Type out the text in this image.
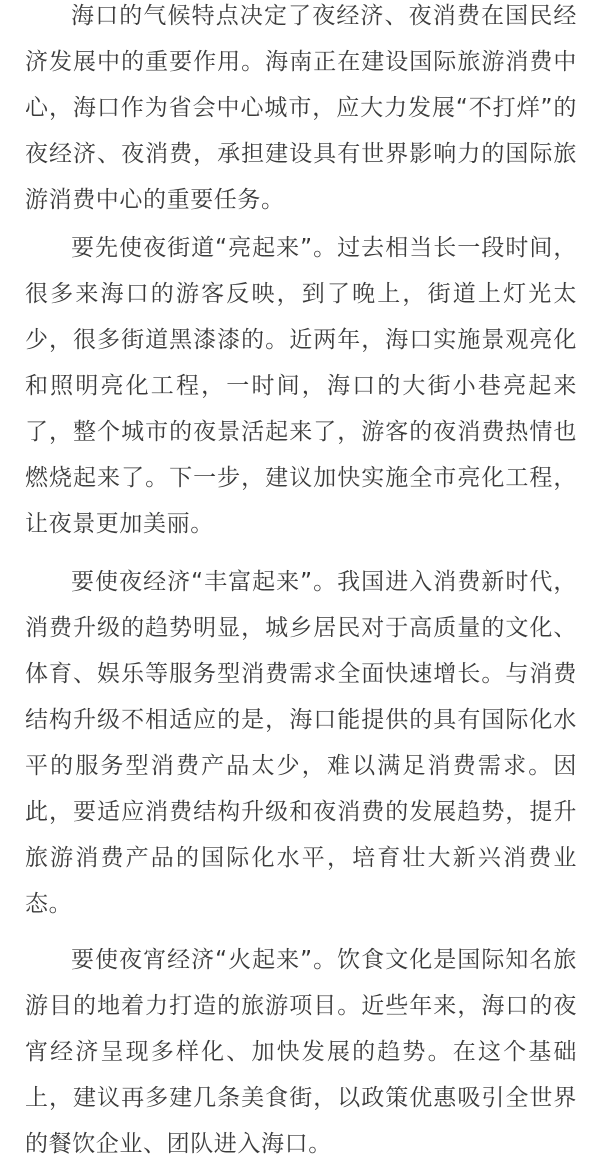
海口的气候特点决定了夜经济、夜消费在国民经济发展中的重要作用。海南正在建设国际旅游消费中心，海口作为省会中心城市，应大力发展“不打烊”的夜经济、夜消费，承担建设具有世界影响力的国际旅游消费中心的重要任务。

要先使夜街道“亮起来”。过去相当长一段时间，很多来海口的游客反映，到了晚上，街道上灯光太少，很多街道黑漆漆的。近两年，海口实施景观亮化和照明亮化工程，一时间，海口的大街小巷亮起来了，整个城市的夜景活起来了，游客的夜消费热情也燃烧起来了。下一步，建议加快实施全市亮化工程，让夜景更加美丽。

要使夜经济“丰富起来”。我国进入消费新时代，消费升级的趋势明显，城乡居民对于高质量的文化、体育、娱乐等服务型消费需求全面快速增长。与消费结构升级不相适应的是，海口能提供的具有国际化水平的服务型消费产品太少，难以满足消费需求。因此，要适应消费结构升级和夜消费的发展趋势，提升旅游消费产品的国际化水平，培育壮大新兴消费业态。

要使夜宵经济“火起来”。饮食文化是国际知名旅游目的地着力打造的旅游项目。近些年来，海口的夜宵经济呈现多样化、加快发展的趋势。在这个基础上，建议再多建几条美食街，以政策优惠吸引全世界的餐饮企业、团队进入海口。
